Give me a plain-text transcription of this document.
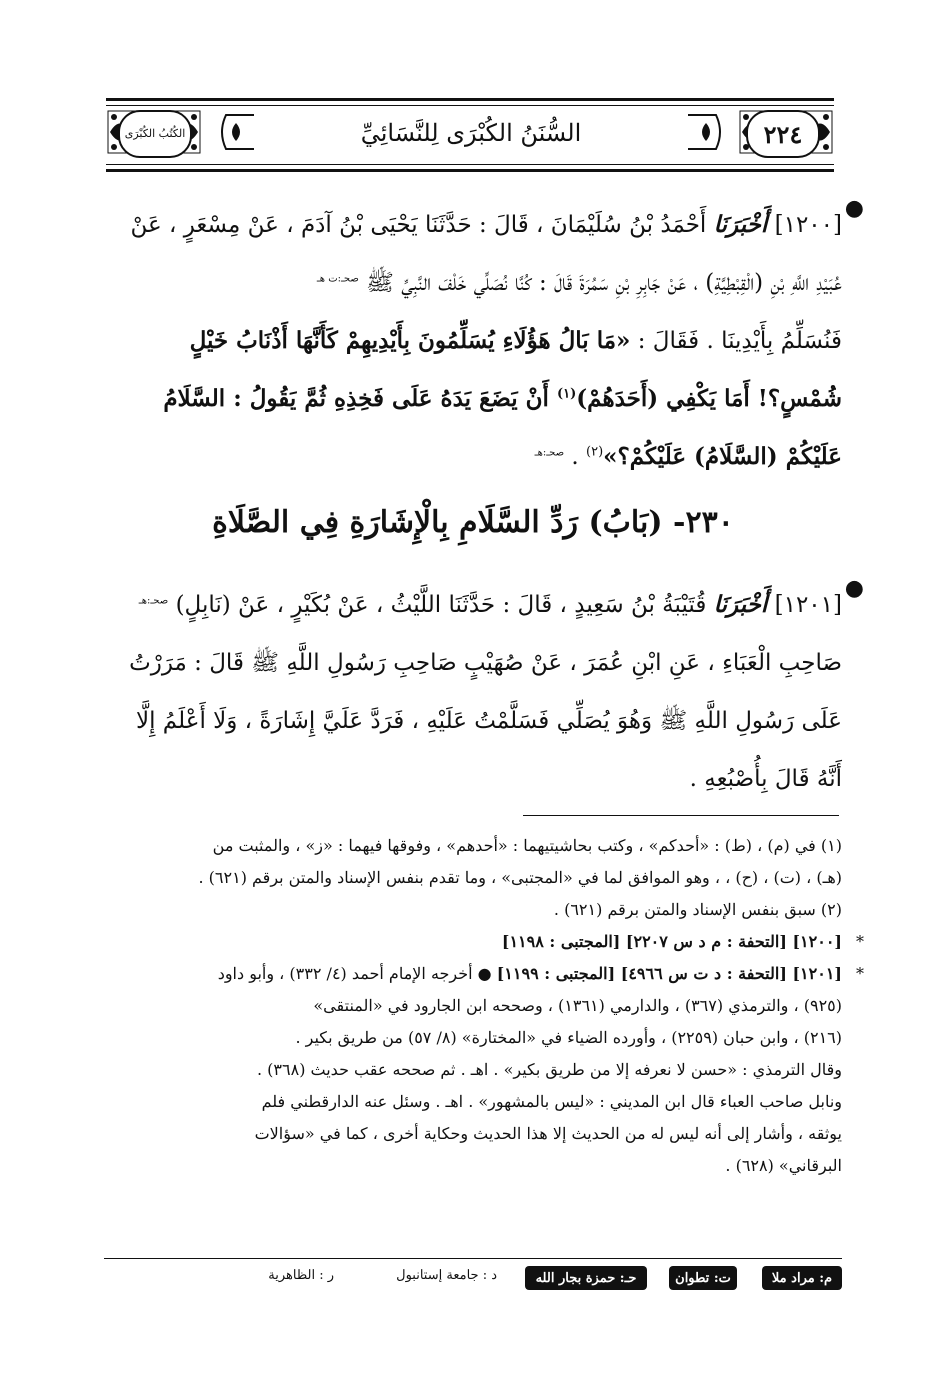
الكُتُبُ الكُبْرَى	السُّنَنُ الكُبْرَى لِلنَّسَائِيِّ	٢٢٤
●
[١٢٠٠] أَخْبَرَنَا أَحْمَدُ بْنُ سُلَيْمَانَ ، قَالَ : حَدَّثَنَا يَحْيَى بْنُ آدَمَ ، عَنْ مِسْعَرٍ ، عَنْ
عُبَيْدِ اللَّهِ بْنِ (الْقِبْطِيَّةِ) ، عَنْ جَابِرِ بْنِ سَمُرَةَ قَالَ : كُنَّا نُصَلِّي خَلْفَ النَّبِيِّ ﷺ $^{صحـ:ت هـ}$
فَنُسَلِّمُ بِأَيْدِينَا . فَقَالَ : «مَا بَالُ هَؤُلَاءِ يُسَلِّمُونَ بِأَيْدِيهِمْ كَأَنَّهَا أَذْنَابُ خَيْلٍ
شُمْسٍ؟! أَمَا يَكْفِي (أَحَدَهُمْ)$^{(١)}$ أَنْ يَضَعَ يَدَهُ عَلَى فَخِذِهِ ثُمَّ يَقُولُ : السَّلَامُ
عَلَيْكُمْ (السَّلَامُ) عَلَيْكُمْ؟»$^{(٢)}$ . $^{صحـ:هـ}$
٢٣٠- (بَابُ) رَدِّ السَّلَامِ بِالْإِشَارَةِ فِي الصَّلَاةِ
●
[١٢٠١] أَخْبَرَنَا قُتَيْبَةُ بْنُ سَعِيدٍ ، قَالَ : حَدَّثَنَا اللَّيْثُ ، عَنْ بُكَيْرٍ ، عَنْ (نَابِلٍ) $^{صحـ:هـ}$
صَاحِبِ الْعَبَاءِ ، عَنِ ابْنِ عُمَرَ ، عَنْ صُهَيْبٍ صَاحِبِ رَسُولِ اللَّهِ ﷺ قَالَ : مَرَرْتُ
عَلَى رَسُولِ اللَّهِ ﷺ وَهُوَ يُصَلِّي فَسَلَّمْتُ عَلَيْهِ ، فَرَدَّ عَلَيَّ إِشَارَةً ، وَلَا أَعْلَمُ إِلَّا
أَنَّهُ قَالَ بِأُصْبُعِهِ .
(١) في (م) ، (ط) : «أحدكم» ، وكتب بحاشيتيهما : «أحدهم» ، وفوقها فيهما : «ز» ، والمثبت من
(هـ) ، (ت) ، (ح) ، ، وهو الموافق لما في «المجتبى» ، وما تقدم بنفس الإسناد والمتن برقم (٦٢١) .
(٢) سبق بنفس الإسناد والمتن برقم (٦٢١) .
*
[١٢٠٠] [التحفة : م د س ٢٢٠٧] [المجتبى : ١١٩٨]
*
[١٢٠١] [التحفة : د ت س ٤٩٦٦] [المجتبى : ١١٩٩] ● أخرجه الإمام أحمد (٤/ ٣٣٢) ، وأبو داود
(٩٢٥) ، والترمذي (٣٦٧) ، والدارمي (١٣٦١) ، وصححه ابن الجارود في «المنتقى»
(٢١٦) ، وابن حبان (٢٢٥٩) ، وأورده الضياء في «المختارة» (٨/ ٥٧) من طريق بكير .
وقال الترمذي : «حسن لا نعرفه إلا من طريق بكير» . اهـ . ثم صححه عقب حديث (٣٦٨) .
ونابل صاحب العباء قال ابن المديني : «ليس بالمشهور» . اهـ . وسئل عنه الدارقطني فلم
يوثقه ، وأشار إلى أنه ليس له من الحديث إلا هذا الحديث وحكاية أخرى ، كما في «سؤالات
البرقاني» (٦٢٨) .
م: مراد ملا
ت: تطوان
حـ: حمزة بجار الله
د : جامعة إستانبول
ر : الظاهرية
